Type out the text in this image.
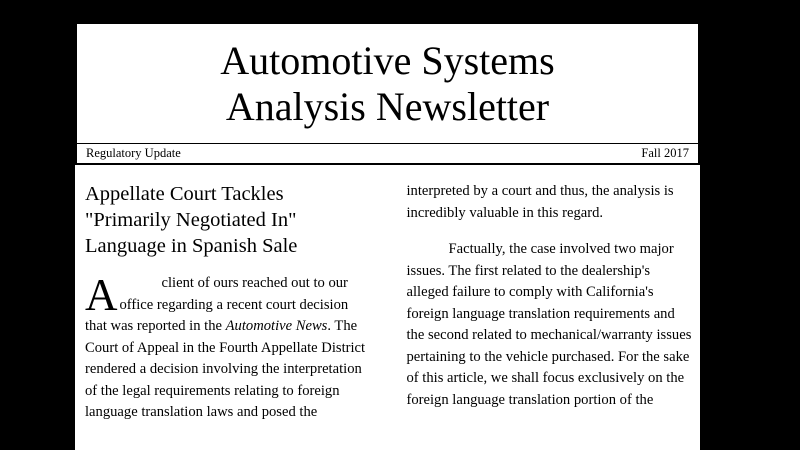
Automotive Systems
Analysis Newsletter
Regulatory Update	Fall 2017
Appellate Court Tackles
"Primarily Negotiated In"
Language in Spanish Sale

A	client of ours reached out to our office regarding a recent court decision that was reported in the Automotive News. The Court of Appeal in the Fourth Appellate District rendered a decision involving the interpretation of the legal requirements relating to foreign language translation laws and posed the

interpreted by a court and thus, the analysis is incredibly valuable in this regard.

Factually, the case involved two major issues. The first related to the dealership's alleged failure to comply with California's foreign language translation requirements and the second related to mechanical/warranty issues pertaining to the vehicle purchased. For the sake of this article, we shall focus exclusively on the foreign language translation portion of the
